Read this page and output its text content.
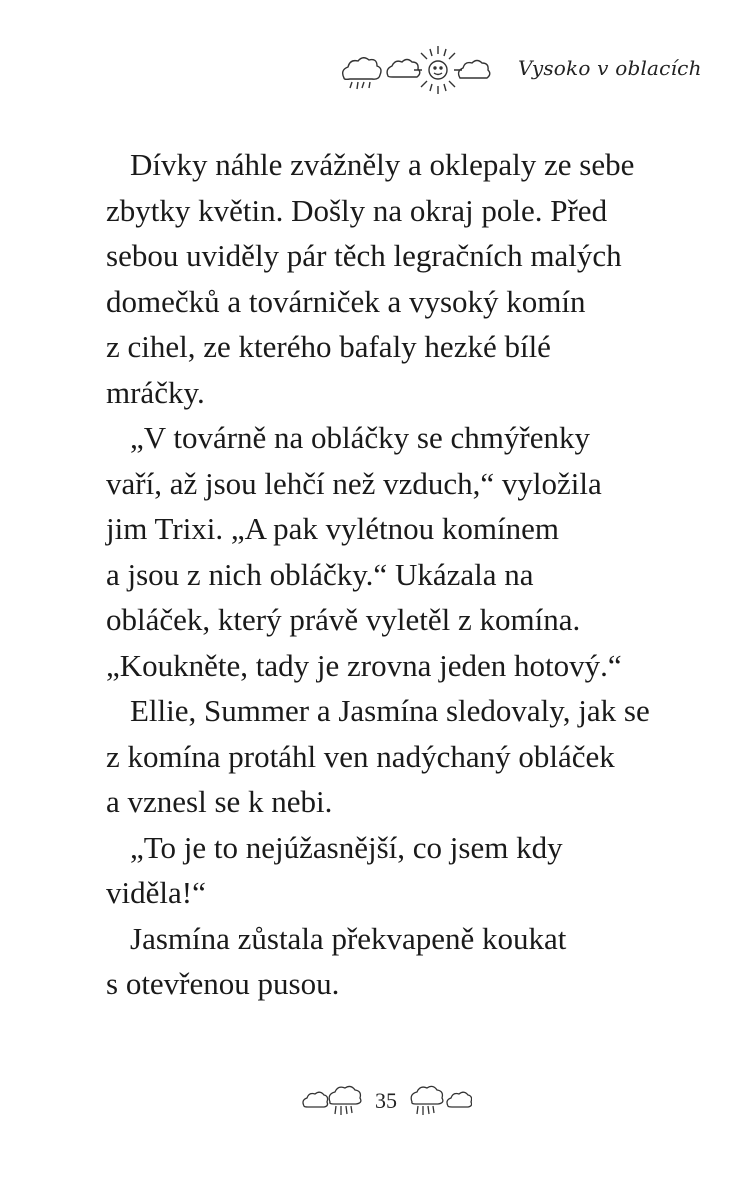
Vysoko v oblacích

Dívky náhle zvážněly a oklepaly ze sebe
zbytky květin. Došly na okraj pole. Před
sebou uviděly pár těch legračních malých
domečků a továrniček a vysoký komín
z cihel, ze kterého bafaly hezké bílé
mráčky.

„V továrně na obláčky se chmýřenky
vaří, až jsou lehčí než vzduch,“ vyložila
jim Trixi. „A pak vylétnou komínem
a jsou z nich obláčky.“ Ukázala na
obláček, který právě vyletěl z komína.
„Koukněte, tady je zrovna jeden hotový.“

Ellie, Summer a Jasmína sledovaly, jak se
z komína protáhl ven nadýchaný obláček
a vznesl se k nebi.

„To je to nejúžasnější, co jsem kdy
viděla!“

Jasmína zůstala překvapeně koukat
s otevřenou pusou.

35
